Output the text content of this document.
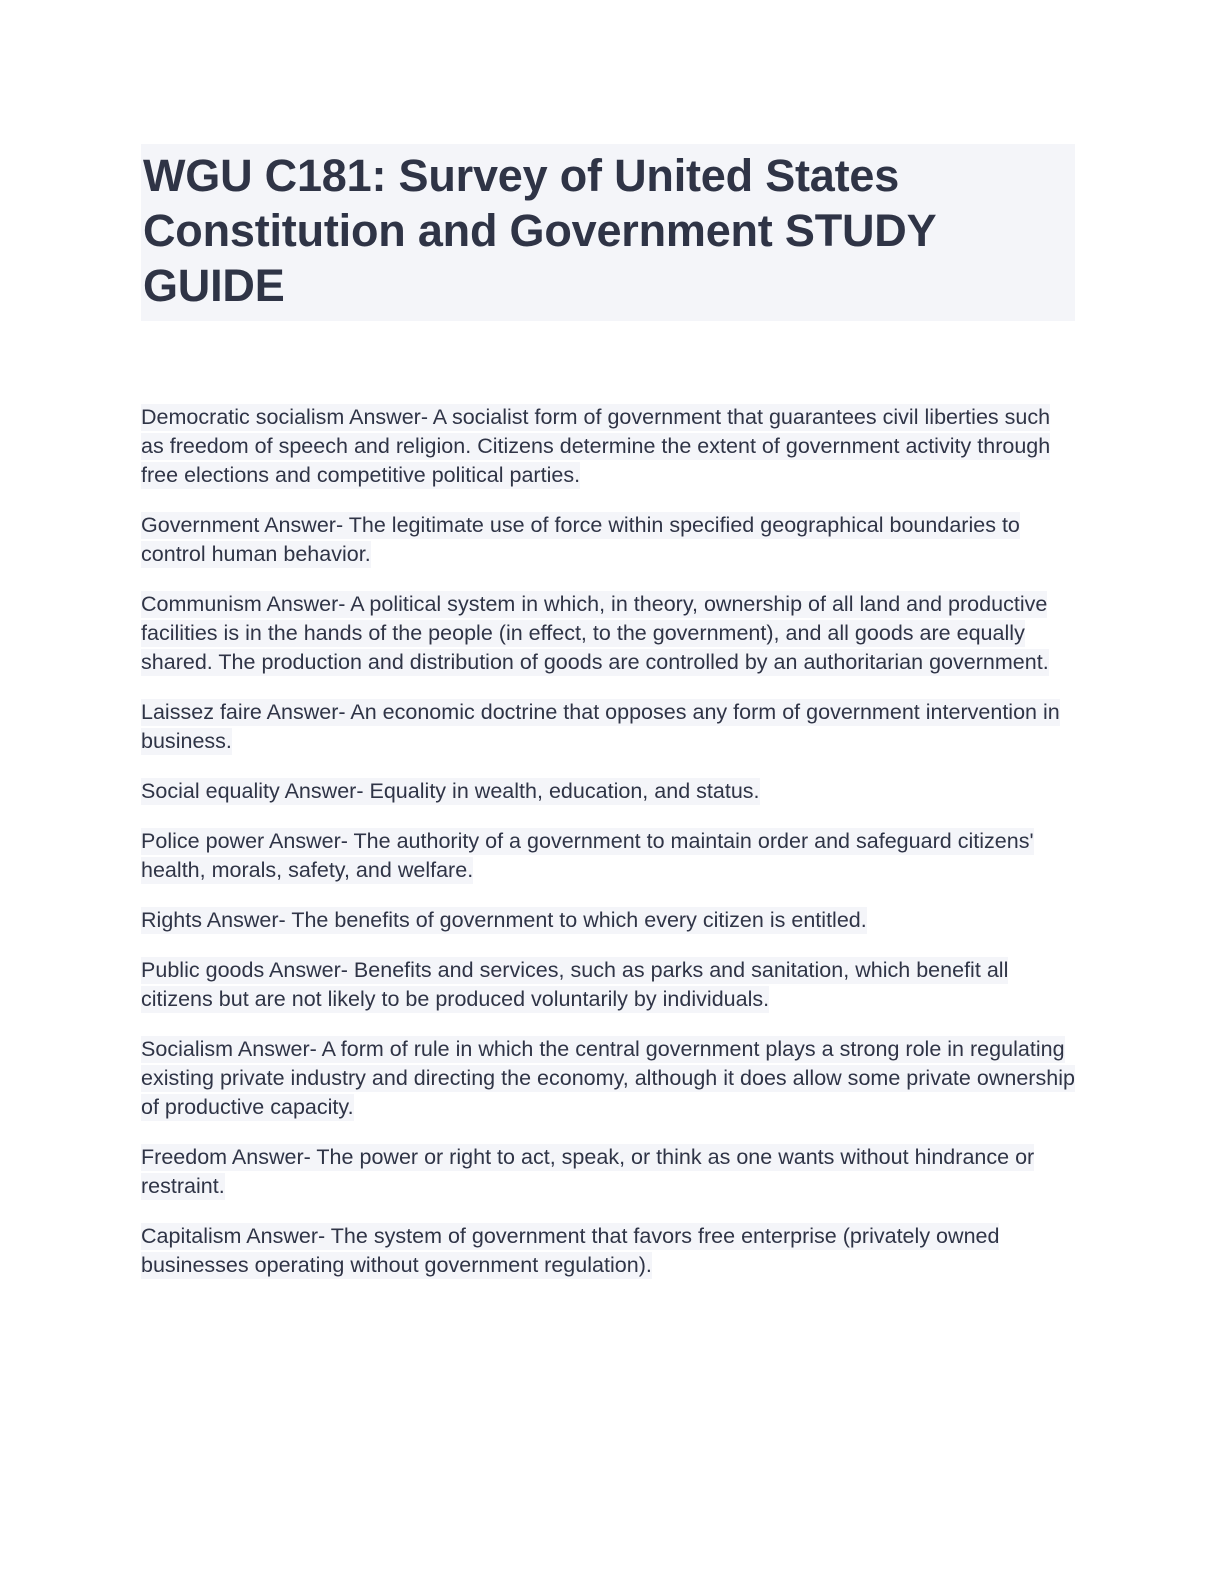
WGU C181: Survey of United States Constitution and Government STUDY GUIDE

Democratic socialism Answer- A socialist form of government that guarantees civil liberties such as freedom of speech and religion. Citizens determine the extent of government activity through free elections and competitive political parties.

Government Answer- The legitimate use of force within specified geographical boundaries to control human behavior.

Communism Answer- A political system in which, in theory, ownership of all land and productive facilities is in the hands of the people (in effect, to the government), and all goods are equally shared. The production and distribution of goods are controlled by an authoritarian government.

Laissez faire Answer- An economic doctrine that opposes any form of government intervention in business.

Social equality Answer- Equality in wealth, education, and status.

Police power Answer- The authority of a government to maintain order and safeguard citizens' health, morals, safety, and welfare.

Rights Answer- The benefits of government to which every citizen is entitled.

Public goods Answer- Benefits and services, such as parks and sanitation, which benefit all citizens but are not likely to be produced voluntarily by individuals.

Socialism Answer- A form of rule in which the central government plays a strong role in regulating existing private industry and directing the economy, although it does allow some private ownership of productive capacity.

Freedom Answer- The power or right to act, speak, or think as one wants without hindrance or restraint.

Capitalism Answer- The system of government that favors free enterprise (privately owned businesses operating without government regulation).
